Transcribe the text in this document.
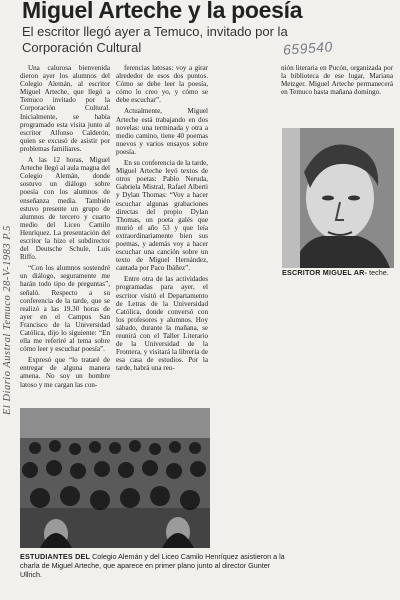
El Diario Austral Temuco 28-V-1983 P.5
Miguel Arteche y la poesía

El escritor llegó ayer a Temuco, invitado por la Corporación Cultural	659540

Una calurosa bienvenida dieron ayer los alumnos del Colegio Alemán, al escritor Miguel Arteche, que llegó a Temuco invitado por la Corporación Cultural. Inicialmente, se había programado esta visita junto al escritor Alfonso Calderón, quien se excusó de asistir por problemas familiares.

A las 12 horas, Miguel Arteche llegó al aula magna del Colegio Alemán, donde sostuvo un diálogo sobre poesía con los alumnos de enseñanza media. También estuvo presente un grupo de alumnos de tercero y cuarto medio del Liceo Camilo Henríquez. La presentación del escritor la hizo el subdirector del Deutsche Schule, Luis Riffo.

“Con los alumnos sostendré un diálogo, seguramente me harán todo tipo de preguntas”, señaló. Respecto a su conferencia de la tarde, que se realizó a las 19.30 horas de ayer en el Campus San Francisco de la Universidad Católica, dijo lo siguiente: “En ella me referiré al tema sobre cómo leer y escuchar poesía”.

Expresó que “lo trataré de entregar de alguna manera amena. No soy un hombre latoso y me cargan las con-

ferencias latosas: voy a girar alrededor de esos dos puntos. Cómo se debe leer la poesía, cómo lo creo yo, y cómo se debe escuchar”.

Actualmente, Miguel Arteche está trabajando en dos novelas: una terminada y otra a medio camino, tiene 40 poemas nuevos y varios ensayos sobre poesía.

En su conferencia de la tarde, Miguel Arteche leyó textos de otros poetas: Pablo Neruda, Gabriela Mistral, Rafael Alberti y Dylan Thomas: “Voy a hacer escuchar algunas grabaciones directas del propio Dylan Thomas, un poeta galés que murió el año 53 y que leía extraordinariamente bien sus poemas, y además voy a hacer escuchar una canción sobre un texto de Miguel Hernández, cantada por Paco Ibáñez”.

Entre otra de las actividades programadas para ayer, el escritor visitó el Departamento de Letras de la Universidad Católica, donde conversó con los profesores y alumnos. Hoy sábado, durante la mañana, se reunirá con el Taller Literario de la Universidad de la Frontera, y visitará la librería de esa casa de estudios. Por la tarde, habrá una reu-

nión literaria en Pucón, organizada por la biblioteca de ese lugar, Mariana Metzger. Miguel Arteche permanecerá en Temuco hasta mañana domingo.

ESCRITOR MIGUEL AR- teche.
ESTUDIANTES DEL Colegio Alemán y del Liceo Camilo Henríquez asistieron a la charla de Miguel Arteche, que aparece en primer plano junto al director Gunter Ullrich.
